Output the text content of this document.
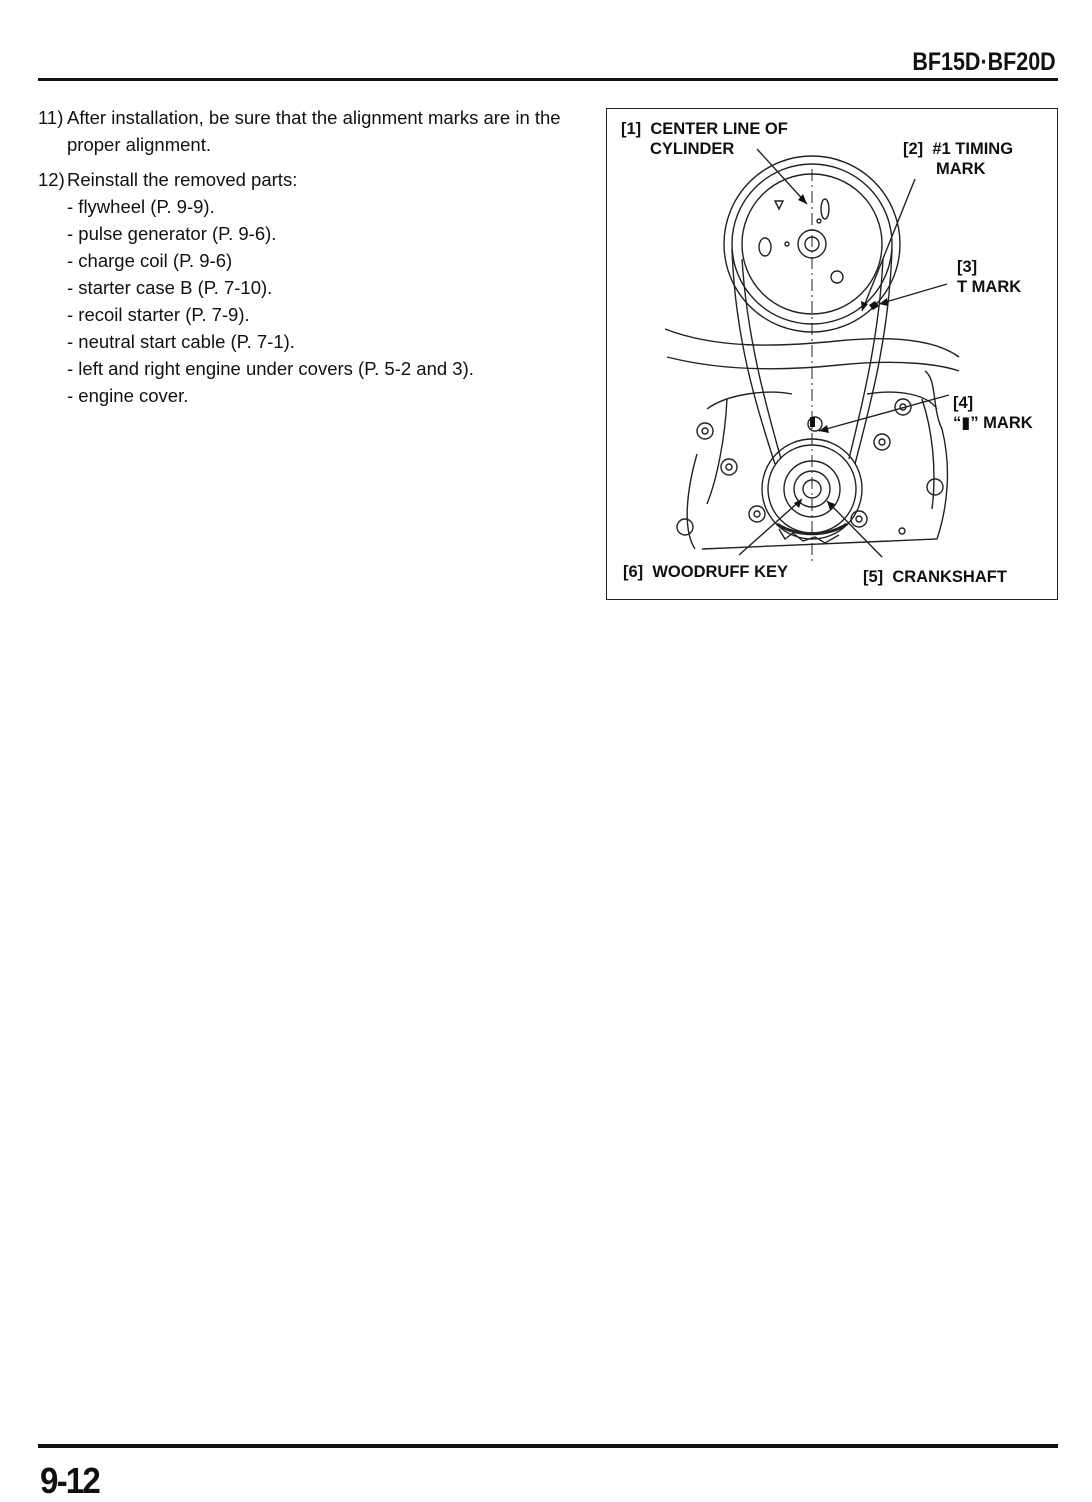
BF15D·BF20D
11) After installation, be sure that the alignment marks are in the proper alignment.
12) Reinstall the removed parts:
- flywheel (P. 9-9).
- pulse generator (P. 9-6).
- charge coil (P. 9-6)
- starter case B (P. 7-10).
- recoil starter (P. 7-9).
- neutral start cable (P. 7-1).
- left and right engine under covers (P. 5-2 and 3).
- engine cover.
[1] CENTER LINE OF
CYLINDER	[2] #1 TIMING
MARK
[3]
T MARK
[4]
“▮” MARK
[5] CRANKSHAFT
[6] WOODRUFF KEY
9-12
